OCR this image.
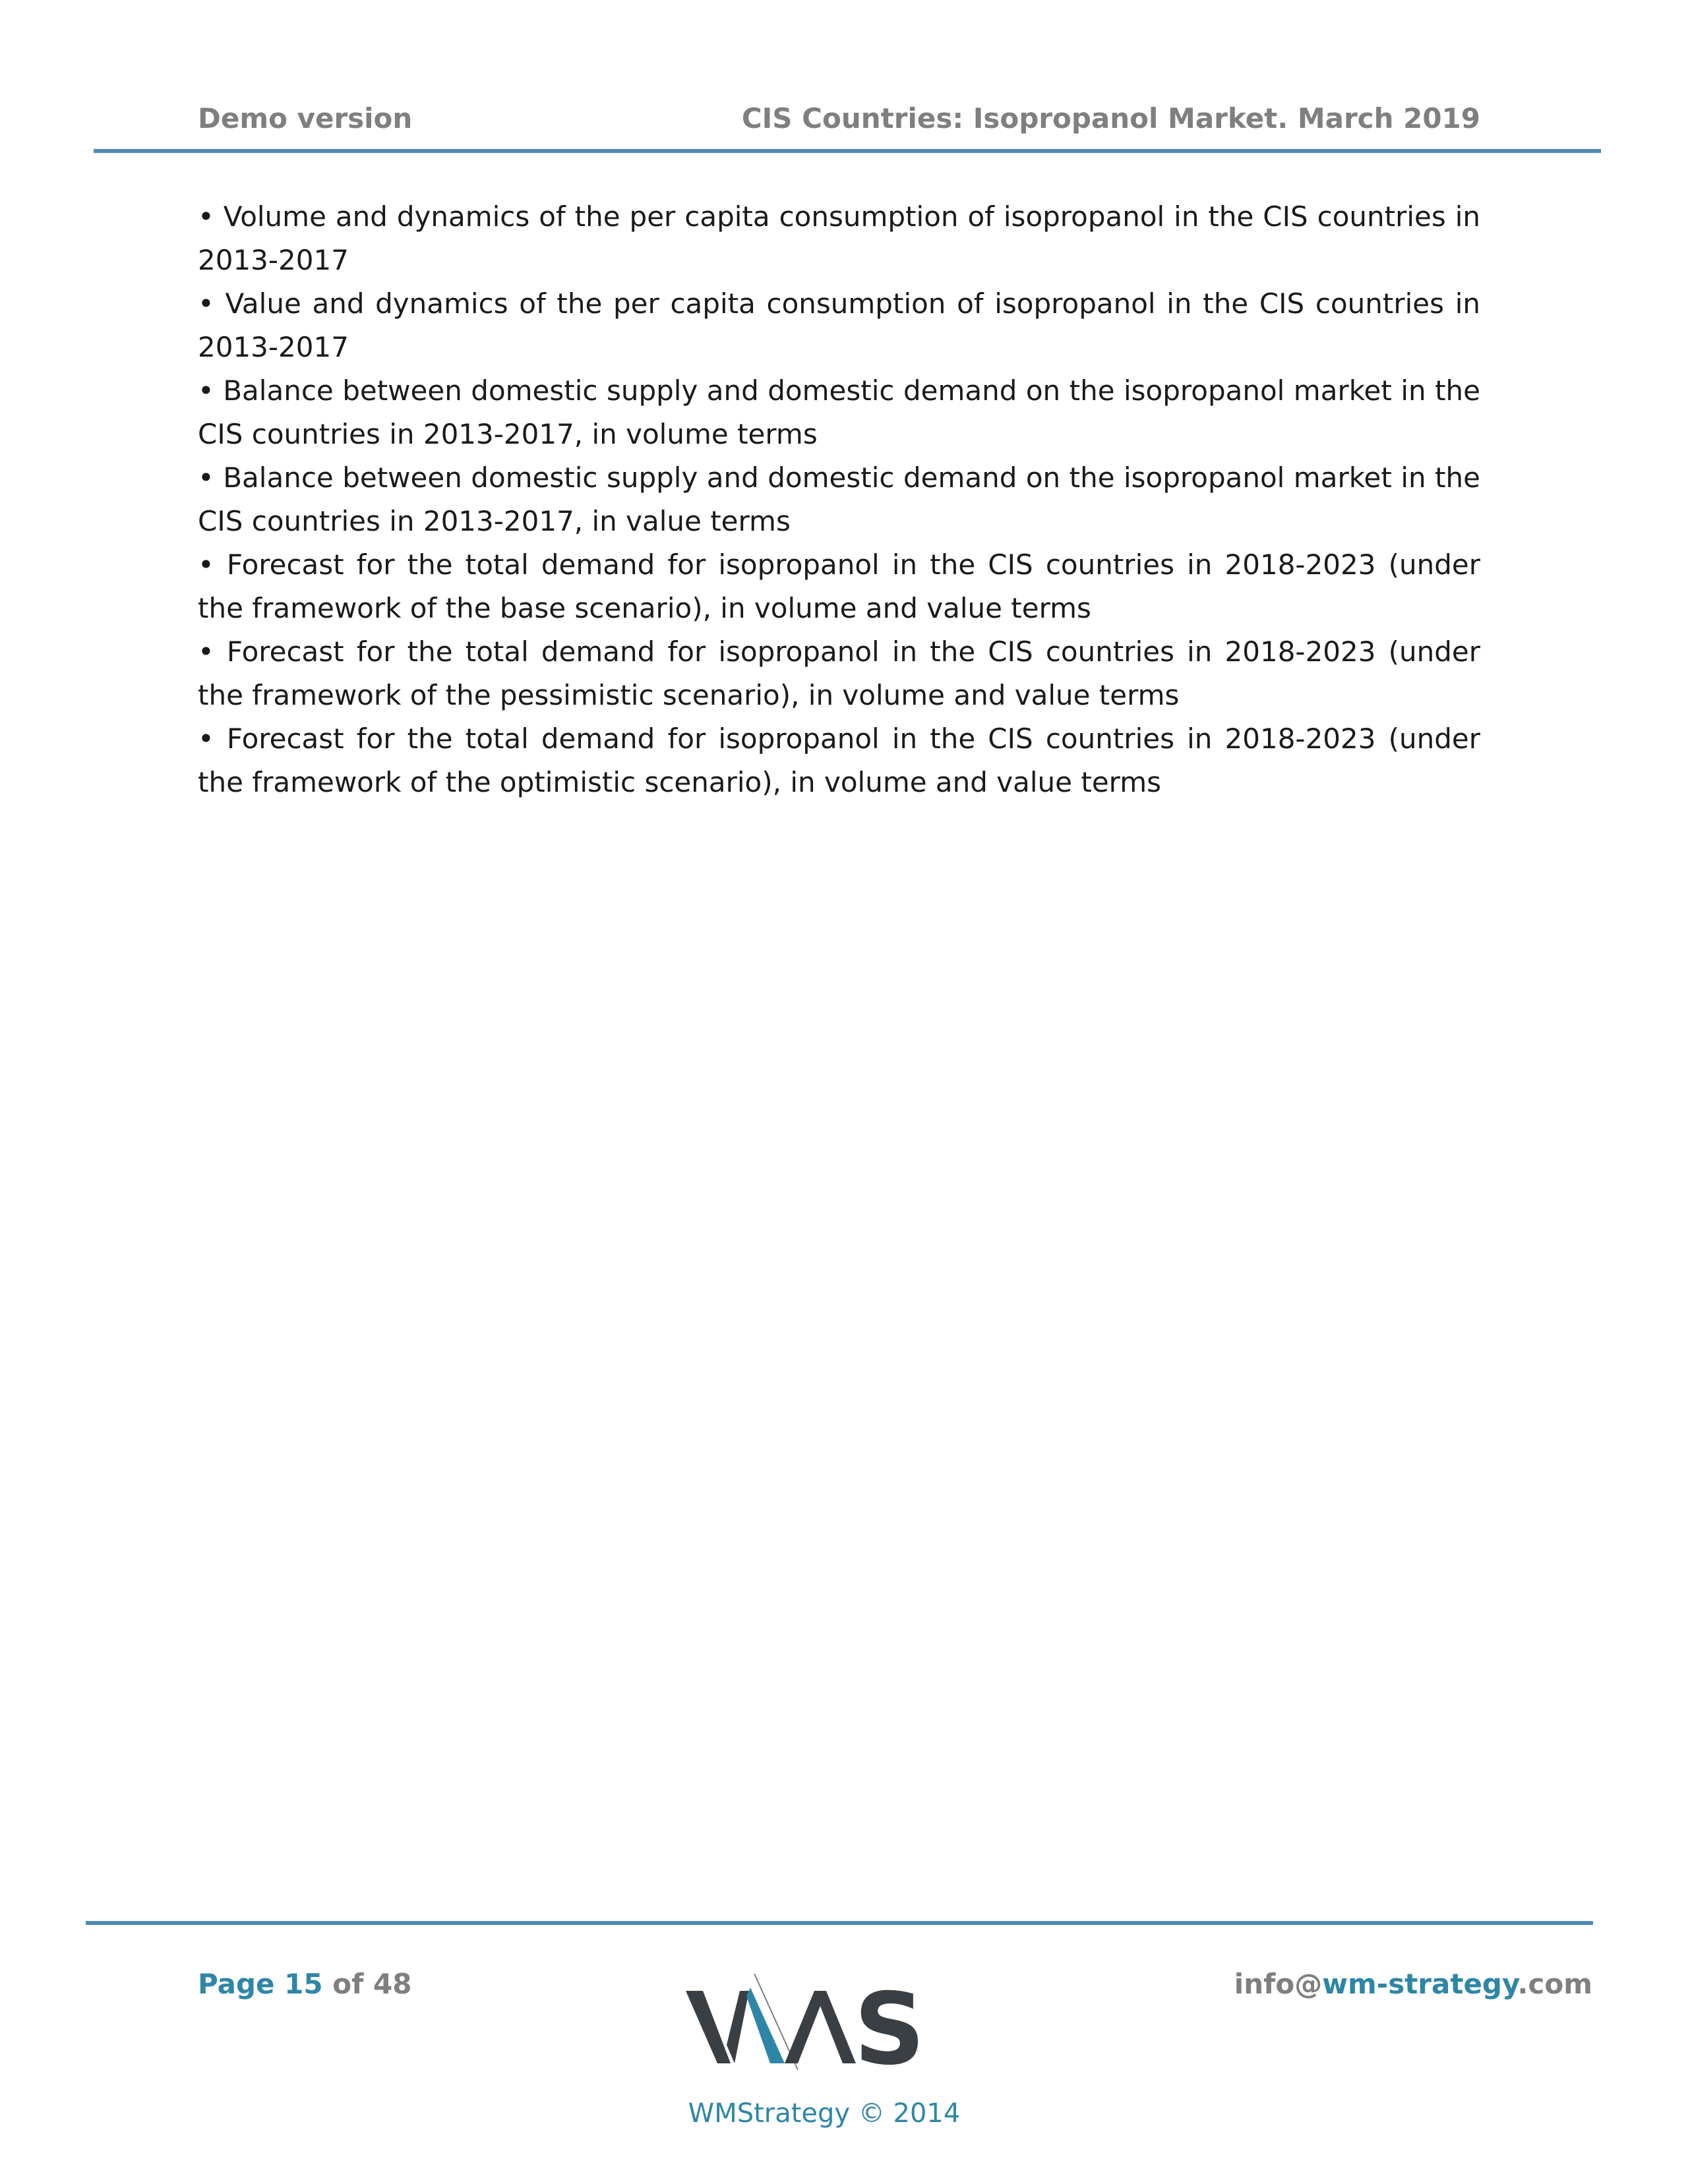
Demo version	CIS Countries: Isopropanol Market. March 2019

• Volume and dynamics of the per capita consumption of isopropanol in the CIS countries in 2013-2017

• Value and dynamics of the per capita consumption of isopropanol in the CIS countries in 2013-2017

• Balance between domestic supply and domestic demand on the isopropanol market in the CIS countries in 2013-2017, in volume terms

• Balance between domestic supply and domestic demand on the isopropanol market in the CIS countries in 2013-2017, in value terms

• Forecast for the total demand for isopropanol in the CIS countries in 2018-2023 (under the framework of the base scenario), in volume and value terms

• Forecast for the total demand for isopropanol in the CIS countries in 2018-2023 (under the framework of the pessimistic scenario), in volume and value terms

• Forecast for the total demand for isopropanol in the CIS countries in 2018-2023 (under the framework of the optimistic scenario), in volume and value terms

Page 15 of 48	S
WMStrategy © 2014
info@wm-strategy.com
